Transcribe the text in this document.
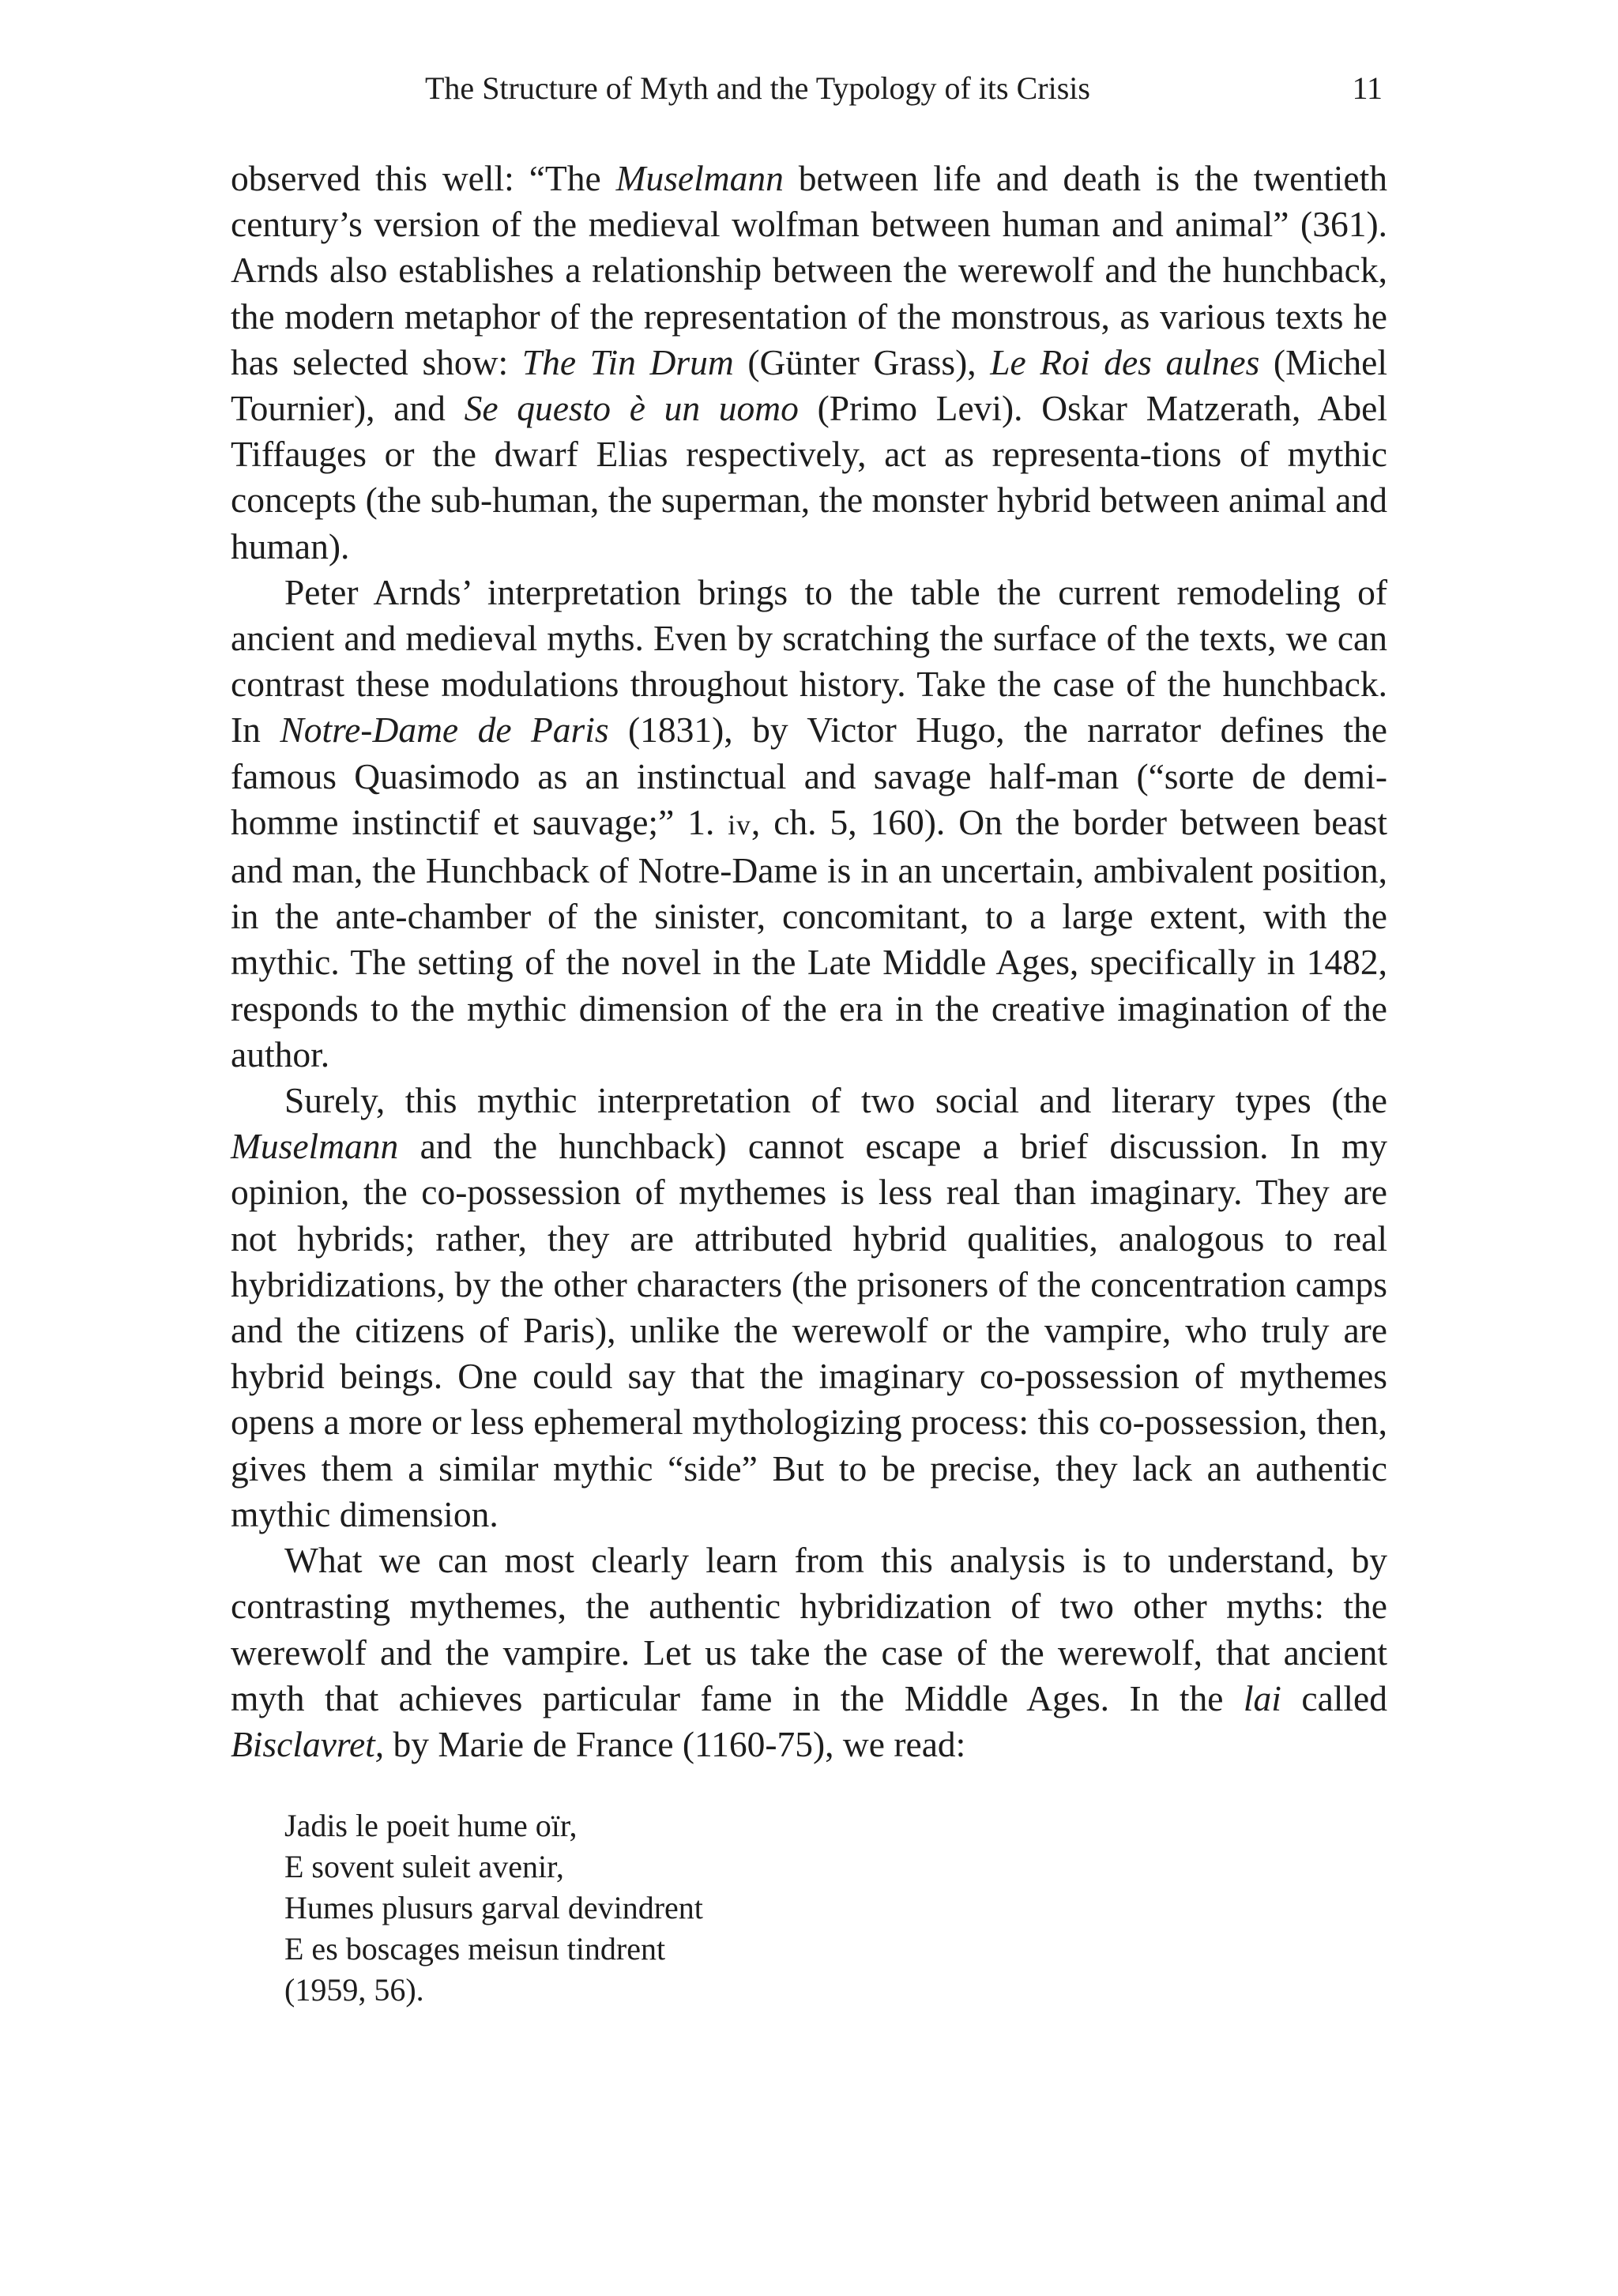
The Structure of Myth and the Typology of its Crisis	11

observed this well: “The Muselmann between life and death is the twentieth century’s version of the medieval wolfman between human and animal” (361). Arnds also establishes a relationship between the werewolf and the hunchback, the modern metaphor of the representation of the monstrous, as various texts he has selected show: The Tin Drum (Günter Grass), Le Roi des aulnes (Michel Tournier), and Se questo è un uomo (Primo Levi). Oskar Matzerath, Abel Tiffauges or the dwarf Elias respectively, act as representa-tions of mythic concepts (the sub-human, the superman, the monster hybrid between animal and human).

Peter Arnds’ interpretation brings to the table the current remodeling of ancient and medieval myths. Even by scratching the surface of the texts, we can contrast these modulations throughout history. Take the case of the hunchback. In Notre-Dame de Paris (1831), by Victor Hugo, the narrator defines the famous Quasimodo as an instinctual and savage half-man (“sorte de demi-homme instinctif et sauvage;” 1. iv, ch. 5, 160). On the border between beast and man, the Hunchback of Notre-Dame is in an uncertain, ambivalent position, in the ante-chamber of the sinister, concomitant, to a large extent, with the mythic. The setting of the novel in the Late Middle Ages, specifically in 1482, responds to the mythic dimension of the era in the creative imagination of the author.

Surely, this mythic interpretation of two social and literary types (the Muselmann and the hunchback) cannot escape a brief discussion. In my opinion, the co-possession of mythemes is less real than imaginary. They are not hybrids; rather, they are attributed hybrid qualities, analogous to real hybridizations, by the other characters (the prisoners of the concentration camps and the citizens of Paris), unlike the werewolf or the vampire, who truly are hybrid beings. One could say that the imaginary co-possession of mythemes opens a more or less ephemeral mythologizing process: this co-possession, then, gives them a similar mythic “side” But to be precise, they lack an authentic mythic dimension.

What we can most clearly learn from this analysis is to understand, by contrasting mythemes, the authentic hybridization of two other myths: the werewolf and the vampire. Let us take the case of the werewolf, that ancient myth that achieves particular fame in the Middle Ages. In the lai called Bisclavret, by Marie de France (1160-75), we read:

Jadis le poeit hume oïr,
E sovent suleit avenir,
Humes plusurs garval devindrent
E es boscages meisun tindrent
(1959, 56).
